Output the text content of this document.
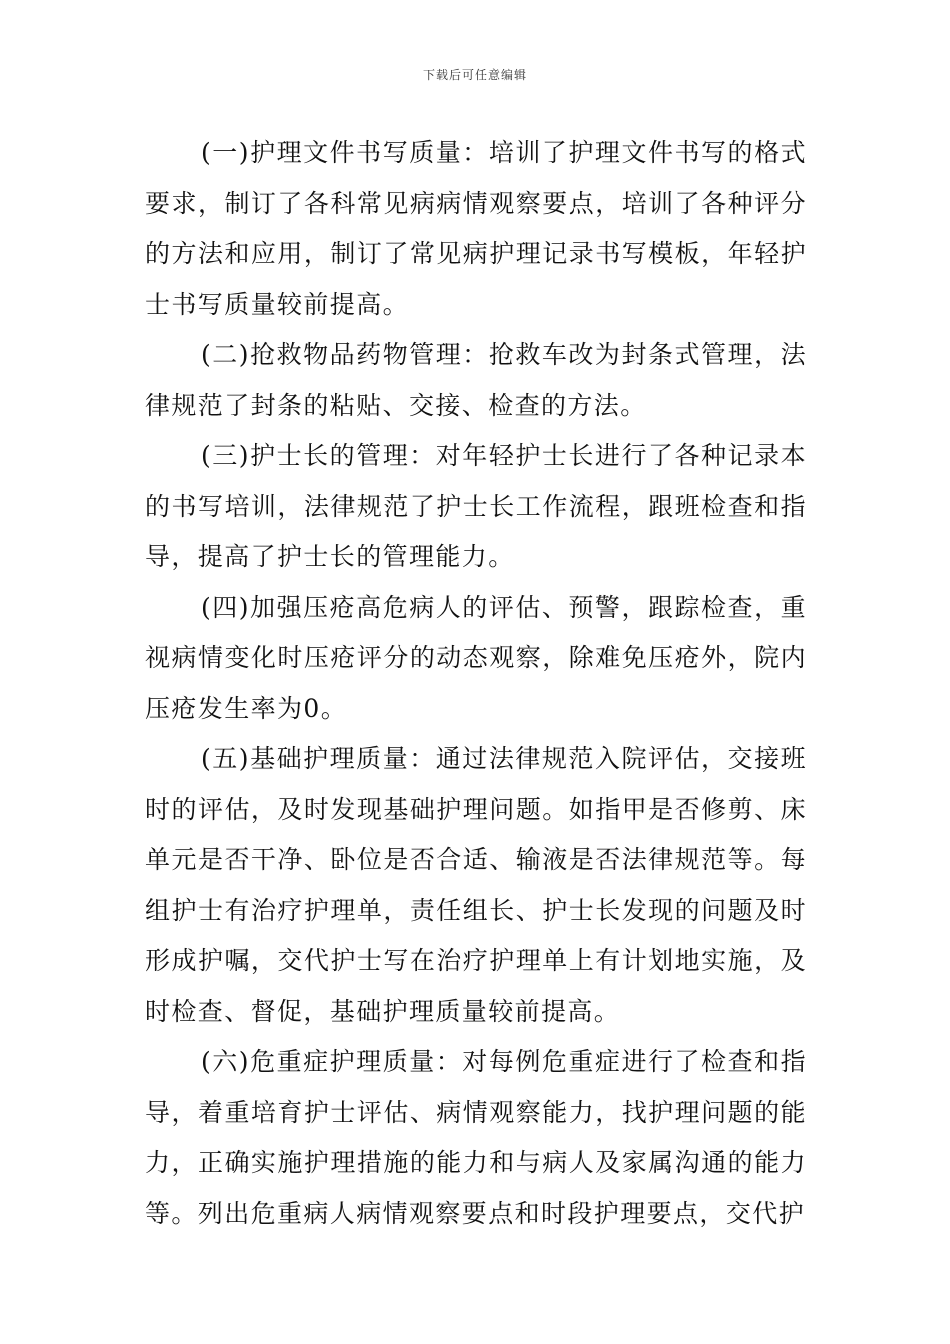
下载后可任意编辑

(一)护理文件书写质量：培训了护理文件书写的格式要求，制订了各科常见病病情观察要点，培训了各种评分的方法和应用，制订了常见病护理记录书写模板，年轻护士书写质量较前提高。

(二)抢救物品药物管理：抢救车改为封条式管理，法律规范了封条的粘贴、交接、检查的方法。

(三)护士长的管理：对年轻护士长进行了各种记录本的书写培训，法律规范了护士长工作流程，跟班检查和指导，提高了护士长的管理能力。

(四)加强压疮高危病人的评估、预警，跟踪检查，重视病情变化时压疮评分的动态观察，除难免压疮外，院内压疮发生率为0。

(五)基础护理质量：通过法律规范入院评估，交接班时的评估，及时发现基础护理问题。如指甲是否修剪、床单元是否干净、卧位是否合适、输液是否法律规范等。每组护士有治疗护理单，责任组长、护士长发现的问题及时形成护嘱，交代护士写在治疗护理单上有计划地实施，及时检查、督促，基础护理质量较前提高。

(六)危重症护理质量：对每例危重症进行了检查和指导，着重培育护士评估、病情观察能力，找护理问题的能力，正确实施护理措施的能力和与病人及家属沟通的能力等。列出危重病人病情观察要点和时段护理要点，交代护
